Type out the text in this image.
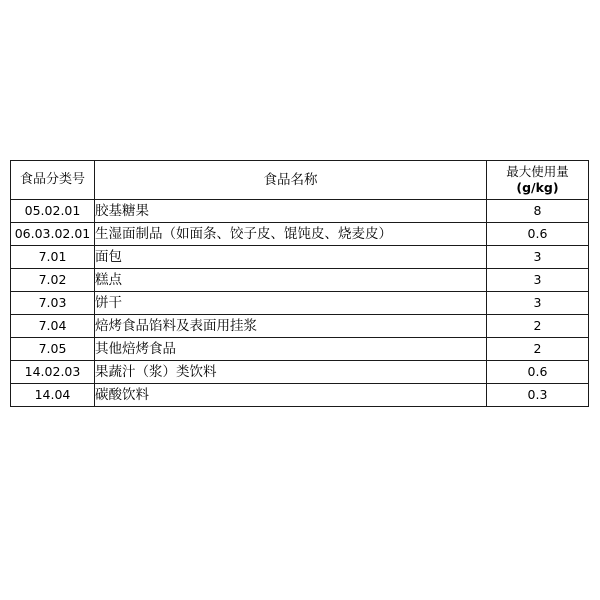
食品分类号	食品名称	最大使用量
(g/kg)

05.02.01	胶基糖果	8
06.03.02.01	生湿面制品（如面条、饺子皮、馄饨皮、烧麦皮）	0.6
7.01	面包	3
7.02	糕点	3
7.03	饼干	3
7.04	焙烤食品馅料及表面用挂浆	2
7.05	其他焙烤食品	2
14.02.03	果蔬汁（浆）类饮料	0.6
14.04	碳酸饮料	0.3
